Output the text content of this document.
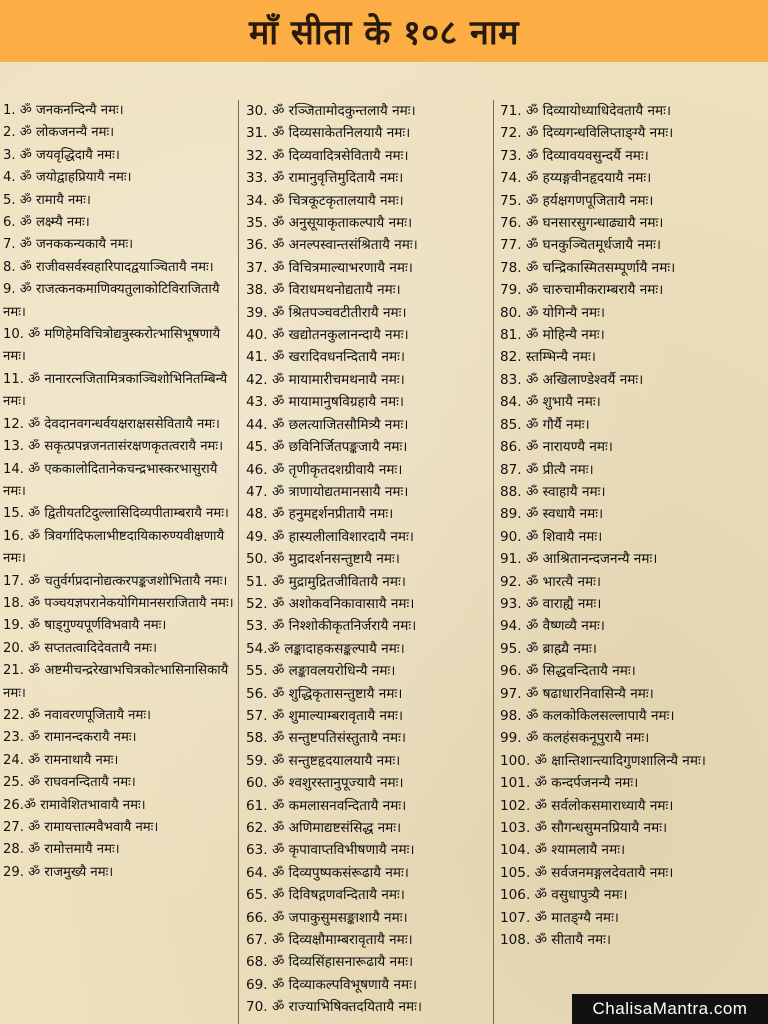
माँ सीता के १०८ नाम
1. ॐ जनकनन्दिन्यै नमः।
2. ॐ लोकजनन्यै नमः।
3. ॐ जयवृद्धिदायै नमः।
4. ॐ जयोद्वाहप्रियायै नमः।
5. ॐ रामायै नमः।
6. ॐ लक्ष्म्यै नमः।
7. ॐ जनककन्यकायै नमः।
8. ॐ राजीवसर्वस्वहारिपादद्वयाञ्चितायै नमः।
9. ॐ राजत्कनकमाणिक्यतुलाकोटिविराजितायै नमः।
10. ॐ मणिहेमविचित्रोद्यत्रुस्करोत्भासिभूषणायै नमः।
11. ॐ नानारत्नजितामित्रकाञ्चिशोभिनितम्बिन्यै नमः।
12. ॐ देवदानवगन्धर्वयक्षराक्षससेवितायै नमः।
13. ॐ सकृत्प्रपन्नजनतासंरक्षणकृतत्वरायै नमः।
14. ॐ एककालोदितानेकचन्द्रभास्करभासुरायै नमः।
15. ॐ द्वितीयतटिदुल्लासिदिव्यपीताम्बरायै नमः।
16. ॐ त्रिवर्गादिफलाभीष्टदायिकारुण्यवीक्षणायै नमः।
17. ॐ चतुर्वर्गप्रदानोद्यत्करपङ्कजशोभितायै नमः।
18. ॐ पञ्चयज्ञपरानेकयोगिमानसराजितायै नमः।
19. ॐ षाड्गुण्यपूर्णविभवायै नमः।
20. ॐ सप्ततत्वादिदेवतायै नमः।
21. ॐ अष्टमीचन्द्ररेखाभचित्रकोत्भासिनासिकायै नमः।
22. ॐ नवावरणपूजितायै नमः।
23. ॐ रामानन्दकरायै नमः।
24. ॐ रामनाथायै नमः।
25. ॐ राघवनन्दितायै नमः।
26.ॐ रामावेशितभावायै नमः।
27. ॐ रामायत्तात्मवैभवायै नमः।
28. ॐ रामोत्तमायै नमः।
29. ॐ राजमुख्यै नमः।
30. ॐ रञ्जितामोदकुन्तलायै नमः।
31. ॐ दिव्यसाकेतनिलयायै नमः।
32. ॐ दिव्यवादित्रसेवितायै नमः।
33. ॐ रामानुवृत्तिमुदितायै नमः।
34. ॐ चित्रकूटकृतालयायै नमः।
35. ॐ अनुसूयाकृताकल्पायै नमः।
36. ॐ अनल्पस्वान्तसंश्रितायै नमः।
37. ॐ विचित्रमाल्याभरणायै नमः।
38. ॐ विराधमथनोद्यतायै नमः।
39. ॐ श्रितपञ्चवटीतीरायै नमः।
40. ॐ खद्योतनकुलानन्दायै नमः।
41. ॐ खरादिवधनन्दितायै नमः।
42. ॐ मायामारीचमथनायै नमः।
43. ॐ मायामानुषविग्रहायै नमः।
44. ॐ छलत्याजितसौमित्र्यै नमः।
45. ॐ छविनिर्जितपङ्कजायै नमः।
46. ॐ तृणीकृतदशग्रीवायै नमः।
47. ॐ त्राणायोद्यतमानसायै नमः।
48. ॐ हनुमद्दर्शनप्रीतायै नमः।
49. ॐ हास्यलीलाविशारदायै नमः।
50. ॐ मुद्रादर्शनसन्तुष्टायै नमः।
51. ॐ मुद्रामुद्रितजीवितायै नमः।
52. ॐ अशोकवनिकावासायै नमः।
53. ॐ निश्शोकीकृतनिर्जरायै नमः।
54.ॐ लङ्कादाहकसङ्कल्पायै नमः।
55. ॐ लङ्कावलयरोधिन्यै नमः।
56. ॐ शुद्धिकृतासन्तुष्टायै नमः।
57. ॐ शुमाल्याम्बरावृतायै नमः।
58. ॐ सन्तुष्टपतिसंस्तुतायै नमः।
59. ॐ सन्तुष्टहृदयालयायै नमः।
60. ॐ श्वशुरस्तानुपूज्यायै नमः।
61. ॐ कमलासनवन्दितायै नमः।
62. ॐ अणिमाद्यष्टसंसिद्ध नमः।
63. ॐ कृपावाप्तविभीषणायै नमः।
64. ॐ दिव्यपुष्पकसंरूढायै नमः।
65. ॐ दिविषद्गणवन्दितायै नमः।
66. ॐ जपाकुसुमसङ्काशायै नमः।
67. ॐ दिव्यक्षौमाम्बरावृतायै नमः।
68. ॐ दिव्यसिंहासनारूढायै नमः।
69. ॐ दिव्याकल्पविभूषणायै नमः।
70. ॐ राज्याभिषिक्तदयितायै नमः।
71. ॐ दिव्यायोध्याधिदेवतायै नमः।
72. ॐ दिव्यगन्धविलिप्ताङ्ग्यै नमः।
73. ॐ दिव्यावयवसुन्दर्यै नमः।
74. ॐ हय्यङ्गवीनहृदयायै नमः।
75. ॐ हर्यक्षगणपूजितायै नमः।
76. ॐ घनसारसुगन्धाढ्यायै नमः।
77. ॐ घनकुञ्चितमूर्धजायै नमः।
78. ॐ चन्द्रिकास्मितसम्पूर्णायै नमः।
79. ॐ चारुचामीकराम्बरायै नमः।
80. ॐ योगिन्यै नमः।
81. ॐ मोहिन्यै नमः।
82. स्तम्भिन्यै नमः।
83. ॐ अखिलाण्डेश्वर्यै नमः।
84. ॐ शुभायै नमः।
85. ॐ गौर्यै नमः।
86. ॐ नारायण्यै नमः।
87. ॐ प्रीत्यै नमः।
88. ॐ स्वाहायै नमः।
89. ॐ स्वधायै नमः।
90. ॐ शिवायै नमः।
91. ॐ आश्रितानन्दजनन्यै नमः।
92. ॐ भारत्यै नमः।
93. ॐ वाराह्यै नमः।
94. ॐ वैष्णव्यै नमः।
95. ॐ ब्राह्म्यै नमः।
96. ॐ सिद्धवन्दितायै नमः।
97. ॐ षढाधारनिवासिन्यै नमः।
98. ॐ कलकोकिलसल्लापायै नमः।
99. ॐ कलहंसकनूपुरायै नमः।
100. ॐ क्षान्तिशान्त्यादिगुणशालिन्यै नमः।
101. ॐ कन्दर्पजनन्यै नमः।
102. ॐ सर्वलोकसमाराध्यायै नमः।
103. ॐ सौगन्धसुमनप्रियायै नमः।
104. ॐ श्यामलायै नमः।
105. ॐ सर्वजनमङ्गलदेवतायै नमः।
106. ॐ वसुधापुत्र्यै नमः।
107. ॐ मातङ्ग्यै नमः।
108. ॐ सीतायै नमः।
ChalisaMantra.com
